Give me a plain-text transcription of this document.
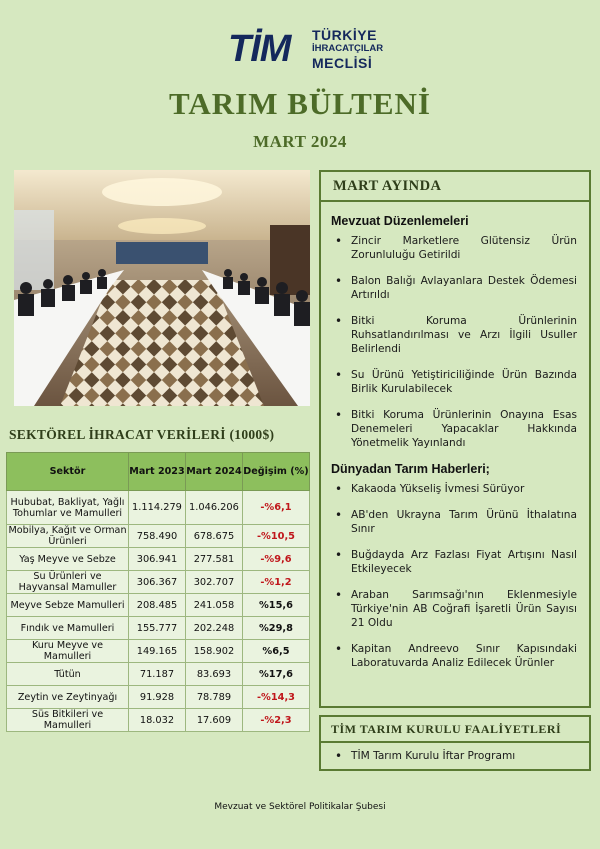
TİM TÜRKİYE
İHRACATÇILAR
MECLİSİ
TARIM BÜLTENİ
MART 2024
MART AYINDA
Mevzuat Düzenlemeleri
• Zincir Marketlere Glütensiz Ürün Zorunluluğu Getirildi
• Balon Balığı Avlayanlara Destek Ödemesi Artırıldı
• Bitki Koruma Ürünlerinin Ruhsatlandırılması ve Arzı İlgili Usuller Belirlendi
• Su Ürünü Yetiştiriciliğinde Ürün Bazında Birlik Kurulabilecek
• Bitki Koruma Ürünlerinin Onayına Esas Denemeleri Yapacaklar Hakkında Yönetmelik Yayınlandı
Dünyadan Tarım Haberleri;
• Kakaoda Yükseliş İvmesi Sürüyor
• AB'den Ukrayna Tarım Ürünü İthalatına Sınır
• Buğdayda Arz Fazlası Fiyat Artışını Nasıl Etkileyecek
• Araban Sarımsağı'nın Eklenmesiyle Türkiye'nin AB Coğrafi İşaretli Ürün Sayısı 21 Oldu
• Kapitan Andreevo Sınır Kapısındaki Laboratuvarda Analiz Edilecek Ürünler
TİM TARIM KURULU FAALİYETLERİ
• TİM Tarım Kurulu İftar Programı
SEKTÖREL İHRACAT VERİLERİ (1000$)
Sektör	Mart 2023	Mart 2024	Değişim (%)
Hububat, Bakliyat, Yağlı Tohumlar ve Mamulleri	1.114.279	1.046.206	-%6,1
Mobilya, Kağıt ve Orman Ürünleri	758.490	678.675	-%10,5
Yaş Meyve ve Sebze	306.941	277.581	-%9,6
Su Ürünleri ve Hayvansal Mamuller	306.367	302.707	-%1,2
Meyve Sebze Mamulleri	208.485	241.058	%15,6
Fındık ve Mamulleri	155.777	202.248	%29,8
Kuru Meyve ve Mamulleri	149.165	158.902	%6,5
Tütün	71.187	83.693	%17,6
Zeytin ve Zeytinyağı	91.928	78.789	-%14,3
Süs Bitkileri ve Mamulleri	18.032	17.609	-%2,3
Mevzuat ve Sektörel Politikalar Şubesi
